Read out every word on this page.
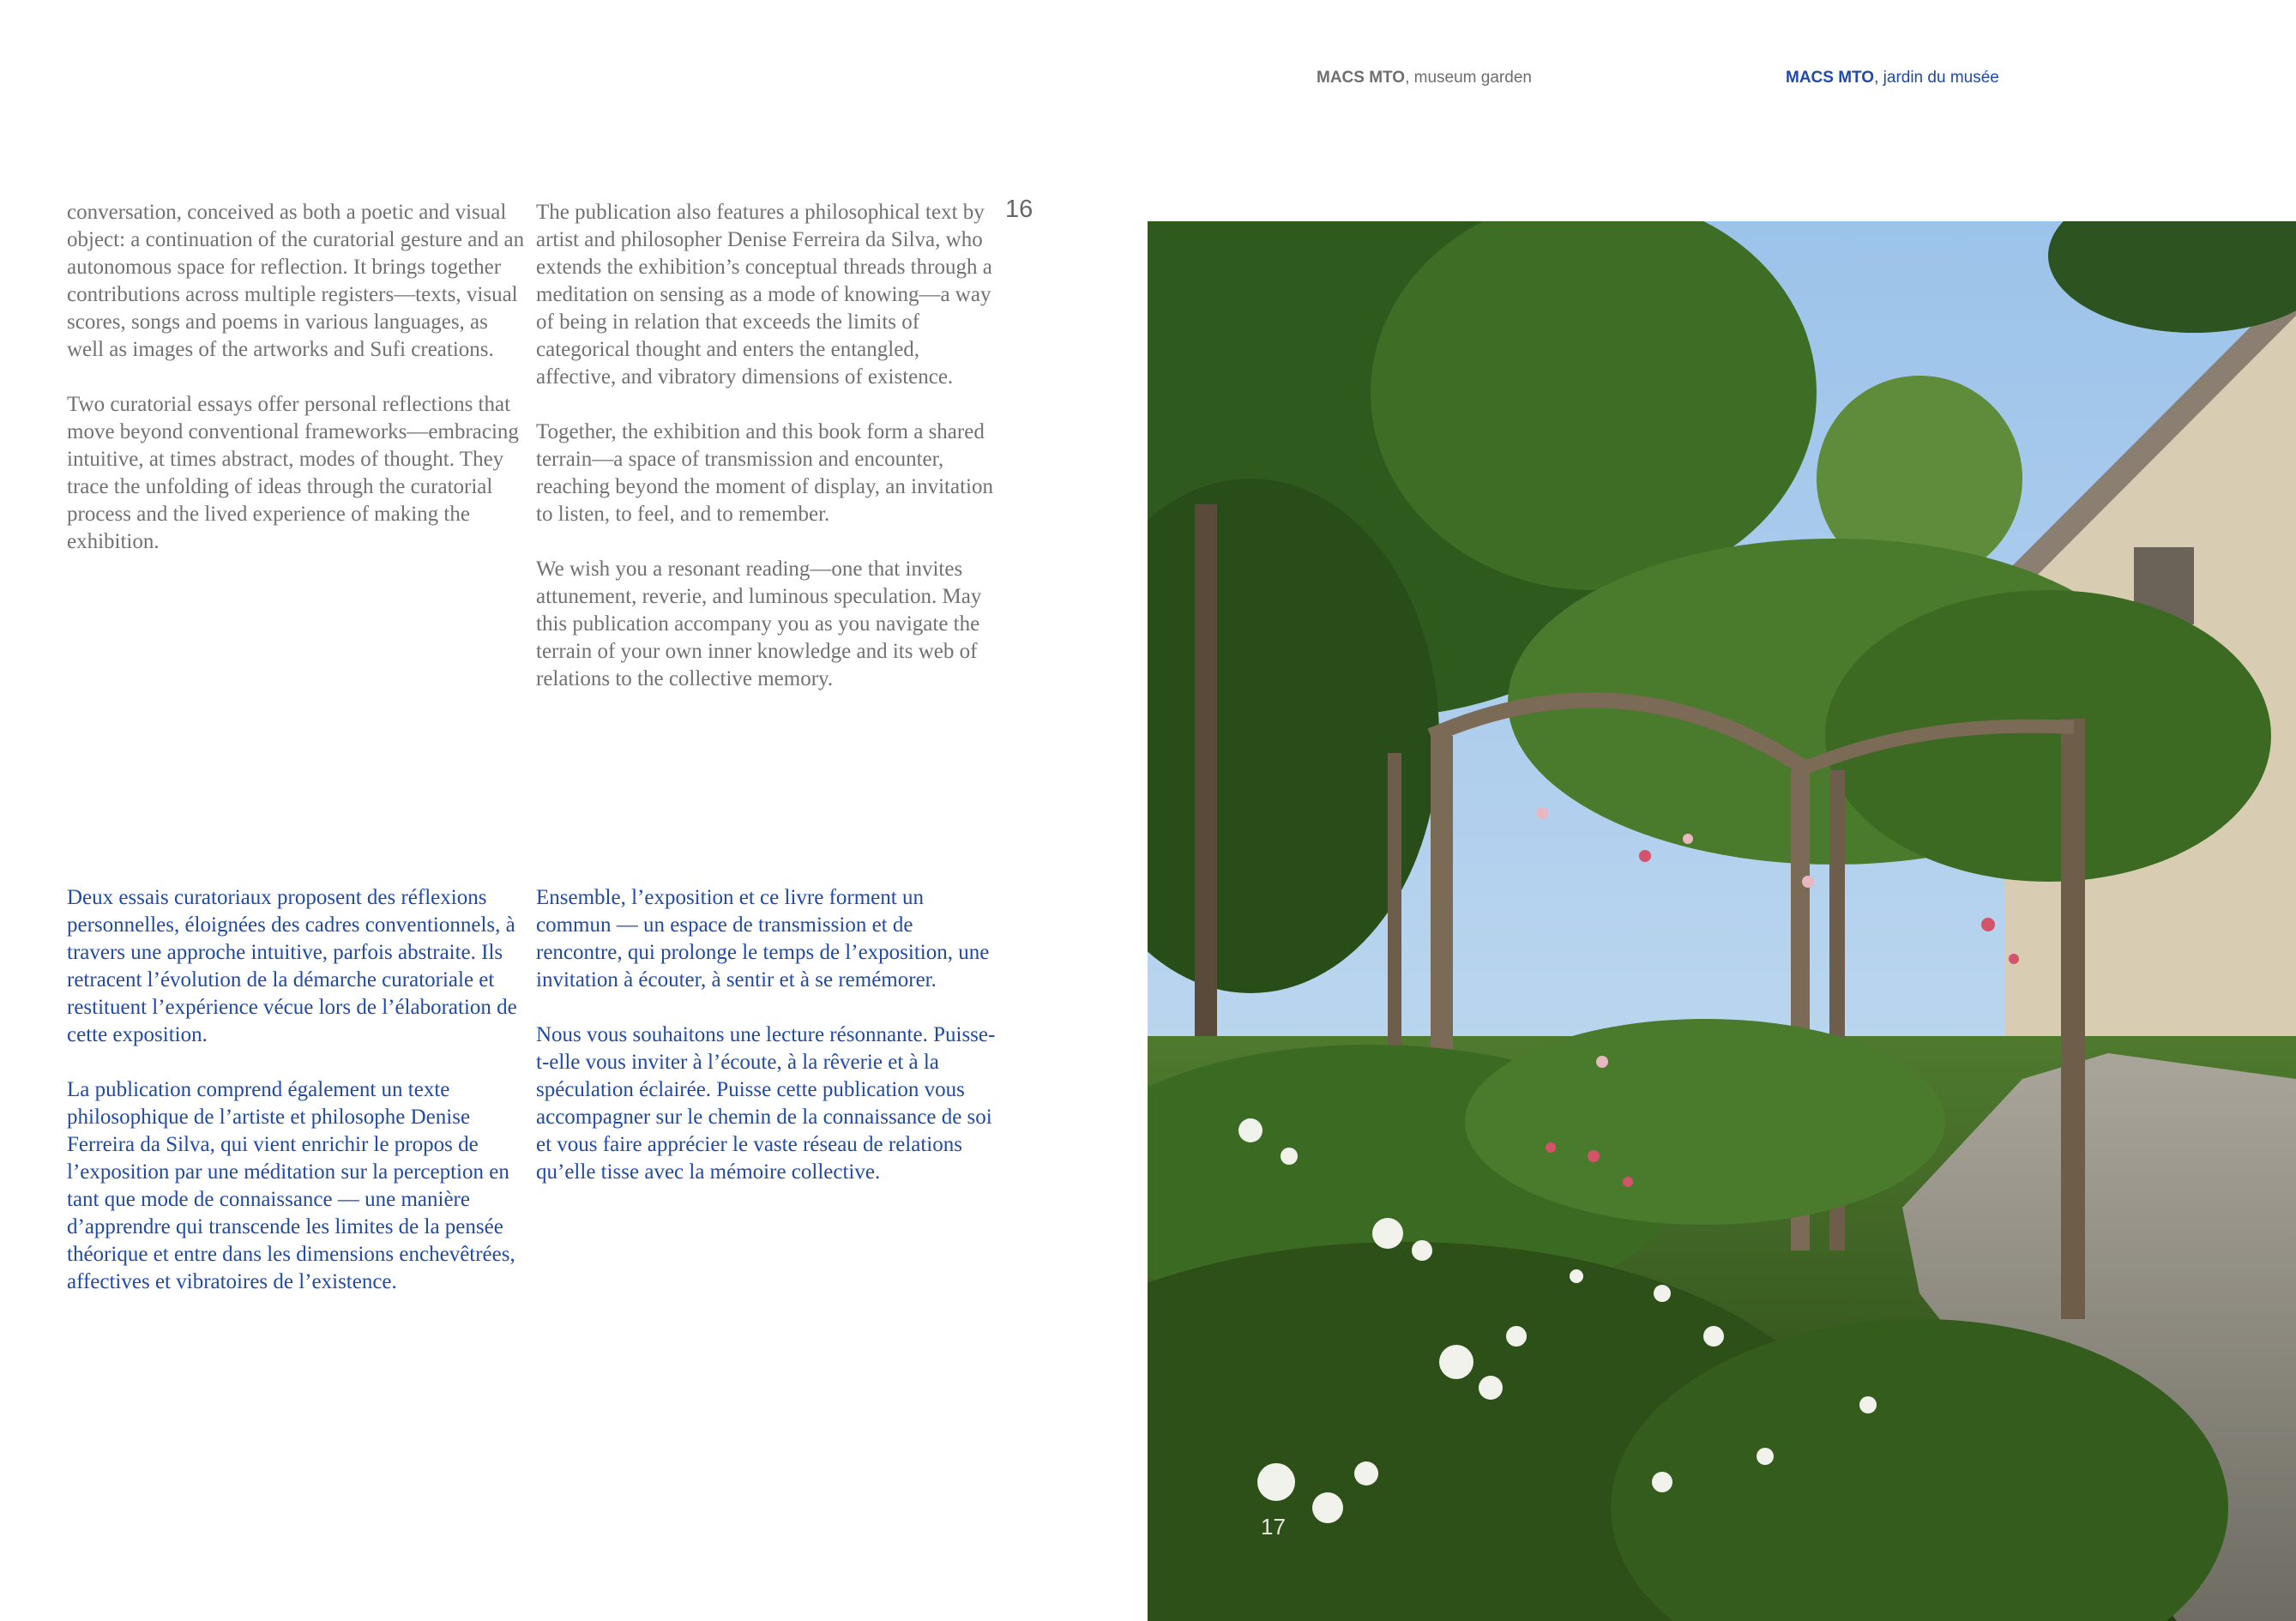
MACS MTO, museum garden	MACS MTO, jardin du musée
16

conversation, conceived as both a poetic and visual object: a continuation of the curatorial gesture and an autonomous space for reflection. It brings together contributions across multiple registers—texts, visual scores, songs and poems in various languages, as well as images of the artworks and Sufi creations.

Two curatorial essays offer personal reflections that move beyond conventional frameworks—embracing intuitive, at times abstract, modes of thought. They trace the unfolding of ideas through the curatorial process and the lived experience of making the exhibition.

The publication also features a philosophical text by artist and philosopher Denise Ferreira da Silva, who extends the exhibition’s conceptual threads through a meditation on sensing as a mode of knowing—a way of being in relation that exceeds the limits of categorical thought and enters the entangled, affective, and vibratory dimensions of existence.

Together, the exhibition and this book form a shared terrain—a space of transmission and encounter, reaching beyond the moment of display, an invitation to listen, to feel, and to remember.

We wish you a resonant reading—one that invites attunement, reverie, and luminous speculation. May this publication accompany you as you navigate the terrain of your own inner knowledge and its web of relations to the collective memory.

Deux essais curatoriaux proposent des réflexions personnelles, éloignées des cadres conventionnels, à travers une approche intuitive, parfois abstraite. Ils retracent l’évolution de la démarche curatoriale et restituent l’expérience vécue lors de l’élaboration de cette exposition.

La publication comprend également un texte philosophique de l’artiste et philosophe Denise Ferreira da Silva, qui vient enrichir le propos de l’exposition par une méditation sur la perception en tant que mode de connaissance — une manière d’apprendre qui transcende les limites de la pensée théorique et entre dans les dimensions enchevêtrées, affectives et vibratoires de l’existence.

Ensemble, l’exposition et ce livre forment un commun — un espace de transmission et de rencontre, qui prolonge le temps de l’exposition, une invitation à écouter, à sentir et à se remémorer.

Nous vous souhaitons une lecture résonnante. Puisse-t-elle vous inviter à l’écoute, à la rêverie et à la spéculation éclairée. Puisse cette publication vous accompagner sur le chemin de la connaissance de soi et vous faire apprécier le vaste réseau de relations qu’elle tisse avec la mémoire collective.

17
